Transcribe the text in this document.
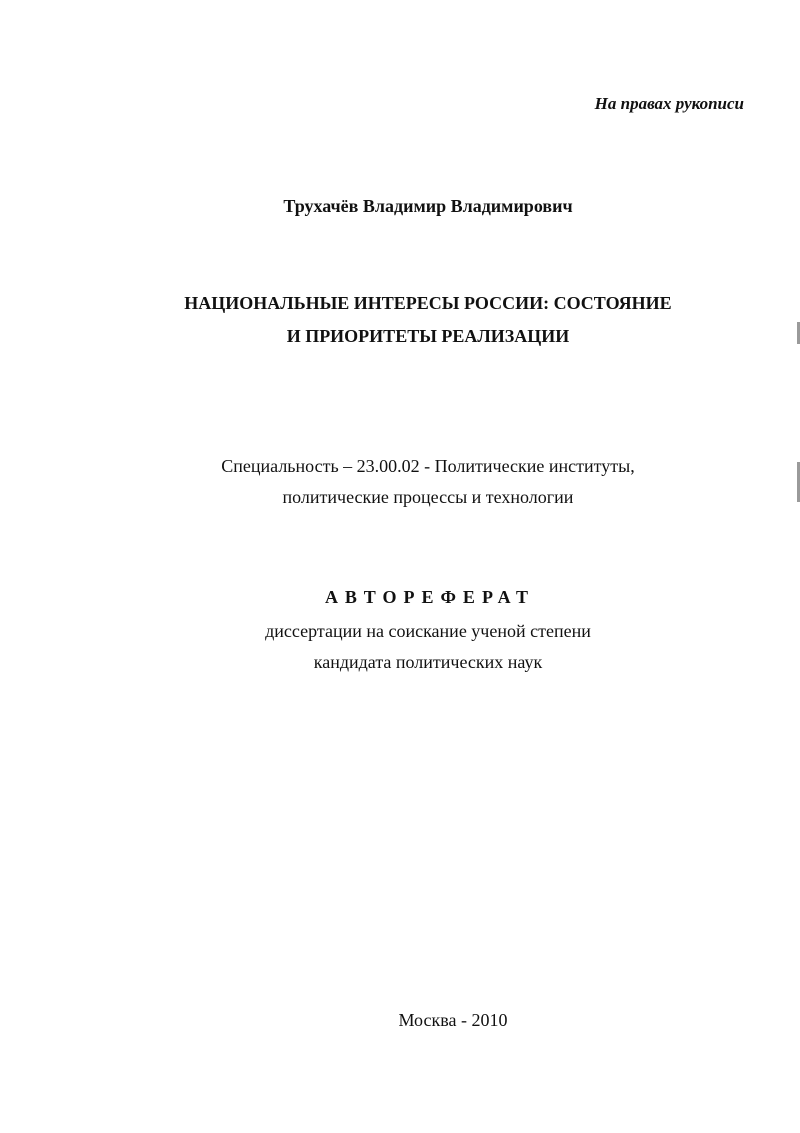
На правах рукописи
Трухачёв Владимир Владимирович
НАЦИОНАЛЬНЫЕ ИНТЕРЕСЫ РОССИИ: СОСТОЯНИЕ
И ПРИОРИТЕТЫ РЕАЛИЗАЦИИ
Специальность – 23.00.02 - Политические институты,
политические процессы и технологии
АВТОРЕФЕРАТ
диссертации на соискание ученой степени
кандидата политических наук
Москва - 2010
